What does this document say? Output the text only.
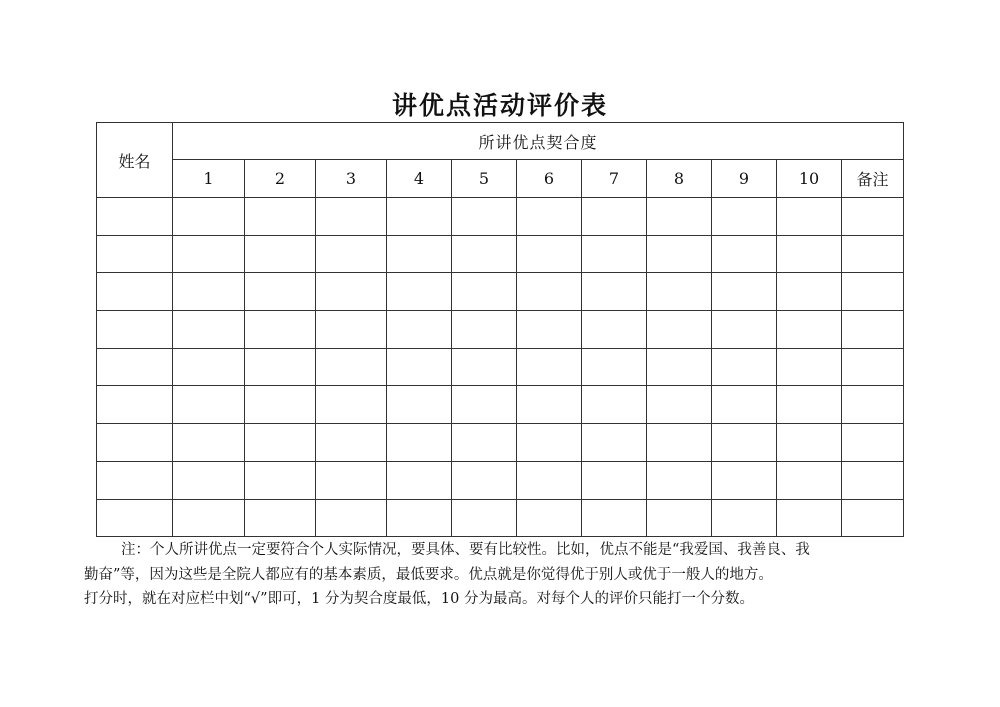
讲优点活动评价表
姓名	所讲优点契合度										
	1	2	3	4	5	6	7	8	9	10	备注

注：个人所讲优点一定要符合个人实际情况，要具体、要有比较性。比如，优点不能是“我爱国、我善良、我

勤奋”等，因为这些是全院人都应有的基本素质，最低要求。优点就是你觉得优于别人或优于一般人的地方。

打分时，就在对应栏中划“√”即可，1 分为契合度最低，10 分为最高。对每个人的评价只能打一个分数。
